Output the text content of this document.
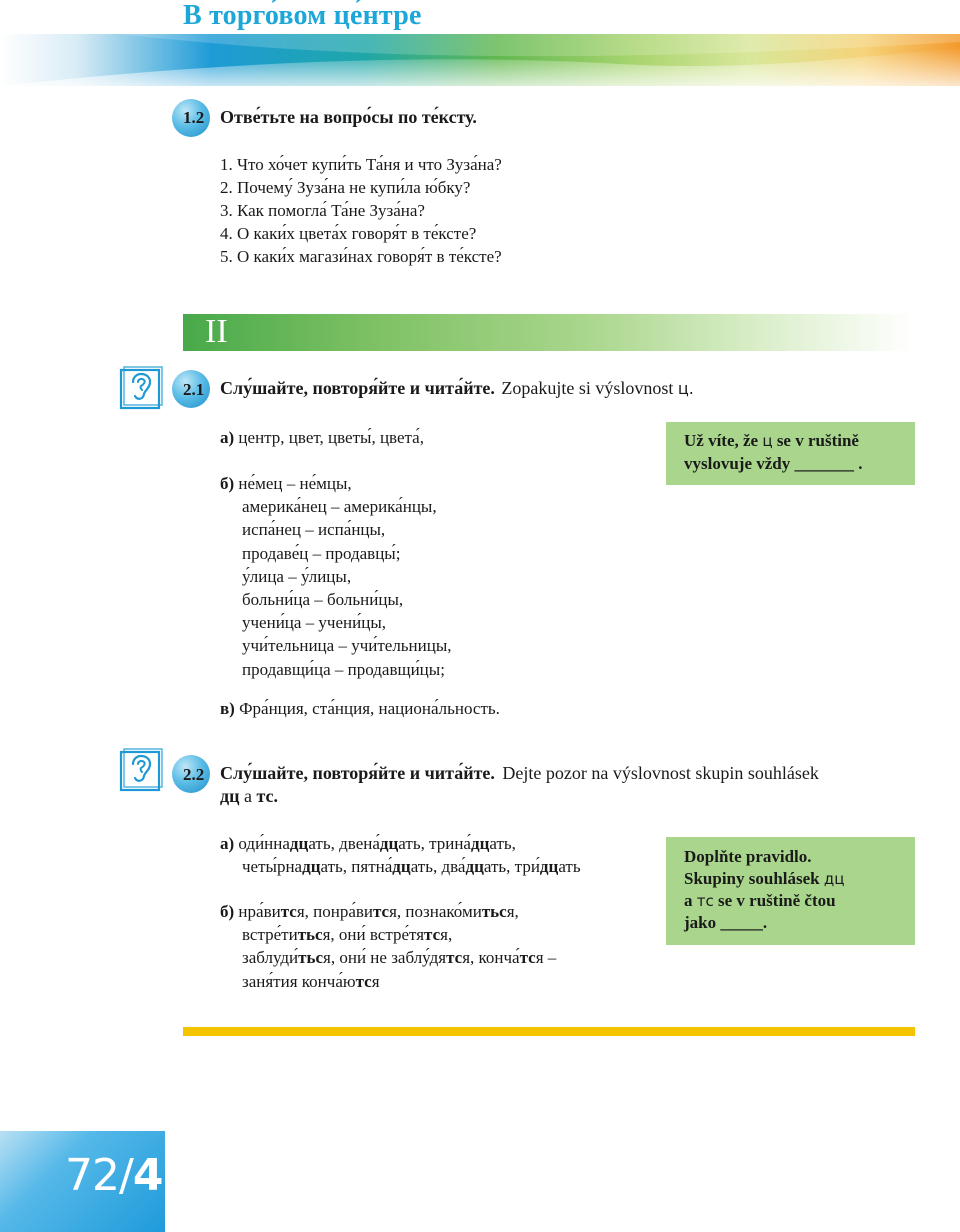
В торго́вом це́нтре
1.2 Отве́тьте на вопро́сы по те́ксту.
1. Что хо́чет купи́ть Та́ня и что Зуза́на?
2. Почему́ Зуза́на не купи́ла ю́бку?
3. Как помогла́ Та́не Зуза́на?
4. О каки́х цвета́х говоря́т в те́ксте?
5. О каки́х магази́нах говоря́т в те́ксте?
II
2.1 Слу́шайте, повторя́йте и чита́йте. Zopakujte si výslovnost ц.
а) центр, цвет, цветы́, цвета́,
б) не́мец – не́мцы,
америка́нец – америка́нцы,
испа́нец – испа́нцы,
продаве́ц – продавцы́;
у́лица – у́лицы,
больни́ца – больни́цы,
учени́ца – учени́цы,
учи́тельница – учи́тельницы,
продавщи́ца – продавщи́цы;
в) Фра́нция, ста́нция, национа́льность.
Už víte, že ц se v ruštině
vyslovuje vždy _______ .
2.2 Слу́шайте, повторя́йте и чита́йте. Dejte pozor na výslovnost skupin souhlásek
дц a тс.
а) оди́ннадцать, двена́дцать, трина́дцать,
четы́рнадцать, пятна́дцать, два́дцать, три́дцать
б) нра́вится, понра́вится, познако́миться,
встре́титься, они́ встре́тятся,
заблуди́ться, они́ не заблу́дятся, конча́тся –
заня́тия конча́ются
Doplňte pravidlo.
Skupiny souhlásek дц
a тс se v ruštině čtou
jako _____.
72/4
